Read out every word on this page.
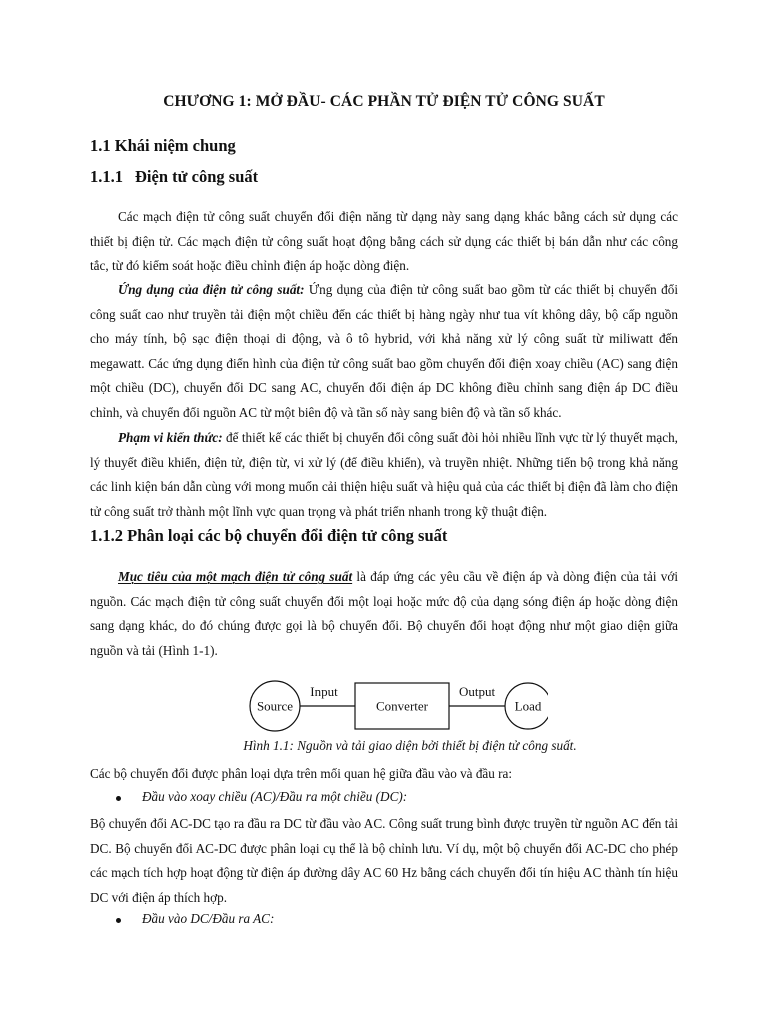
CHƯƠNG 1: MỞ ĐẦU- CÁC PHẦN TỬ ĐIỆN TỬ CÔNG SUẤT
1.1 Khái niệm chung
1.1.1 Điện tử công suất
Các mạch điện tử công suất chuyển đổi điện năng từ dạng này sang dạng khác bằng cách sử dụng các thiết bị điện tử. Các mạch điện tử công suất hoạt động bằng cách sử dụng các thiết bị bán dẫn như các công tắc, từ đó kiểm soát hoặc điều chỉnh điện áp hoặc dòng điện.
Ứng dụng của điện tử công suất: Ứng dụng của điện tử công suất bao gồm từ các thiết bị chuyển đổi công suất cao như truyền tải điện một chiều đến các thiết bị hàng ngày như tua vít không dây, bộ cấp nguồn cho máy tính, bộ sạc điện thoại di động, và ô tô hybrid, với khả năng xử lý công suất từ miliwatt đến megawatt. Các ứng dụng điển hình của điện tử công suất bao gồm chuyển đổi điện xoay chiều (AC) sang điện một chiều (DC), chuyển đổi DC sang AC, chuyển đổi điện áp DC không điều chỉnh sang điện áp DC điều chỉnh, và chuyển đổi nguồn AC từ một biên độ và tần số này sang biên độ và tần số khác.
Phạm vi kiến thức: để thiết kế các thiết bị chuyển đổi công suất đòi hỏi nhiều lĩnh vực từ lý thuyết mạch, lý thuyết điều khiển, điện tử, điện từ, vi xử lý (để điều khiển), và truyền nhiệt. Những tiến bộ trong khả năng các linh kiện bán dẫn cùng với mong muốn cải thiện hiệu suất và hiệu quả của các thiết bị điện đã làm cho điện tử công suất trở thành một lĩnh vực quan trọng và phát triển nhanh trong kỹ thuật điện.
1.1.2 Phân loại các bộ chuyển đổi điện tử công suất
Mục tiêu của một mạch điện tử công suất là đáp ứng các yêu cầu về điện áp và dòng điện của tải với nguồn. Các mạch điện tử công suất chuyển đổi một loại hoặc mức độ của dạng sóng điện áp hoặc dòng điện sang dạng khác, do đó chúng được gọi là bộ chuyển đổi. Bộ chuyển đổi hoạt động như một giao diện giữa nguồn và tải (Hình 1-1).
Source
Input
Converter
Output
Load
Hình 1.1: Nguồn và tải giao diện bởi thiết bị điện tử công suất.
Các bộ chuyển đổi được phân loại dựa trên mối quan hệ giữa đầu vào và đầu ra:
Đầu vào xoay chiều (AC)/Đầu ra một chiều (DC):
Bộ chuyển đổi AC-DC tạo ra đầu ra DC từ đầu vào AC. Công suất trung bình được truyền từ nguồn AC đến tải DC. Bộ chuyển đổi AC-DC được phân loại cụ thể là bộ chỉnh lưu. Ví dụ, một bộ chuyển đổi AC-DC cho phép các mạch tích hợp hoạt động từ điện áp đường dây AC 60 Hz bằng cách chuyển đổi tín hiệu AC thành tín hiệu DC với điện áp thích hợp.
Đầu vào DC/Đầu ra AC:
